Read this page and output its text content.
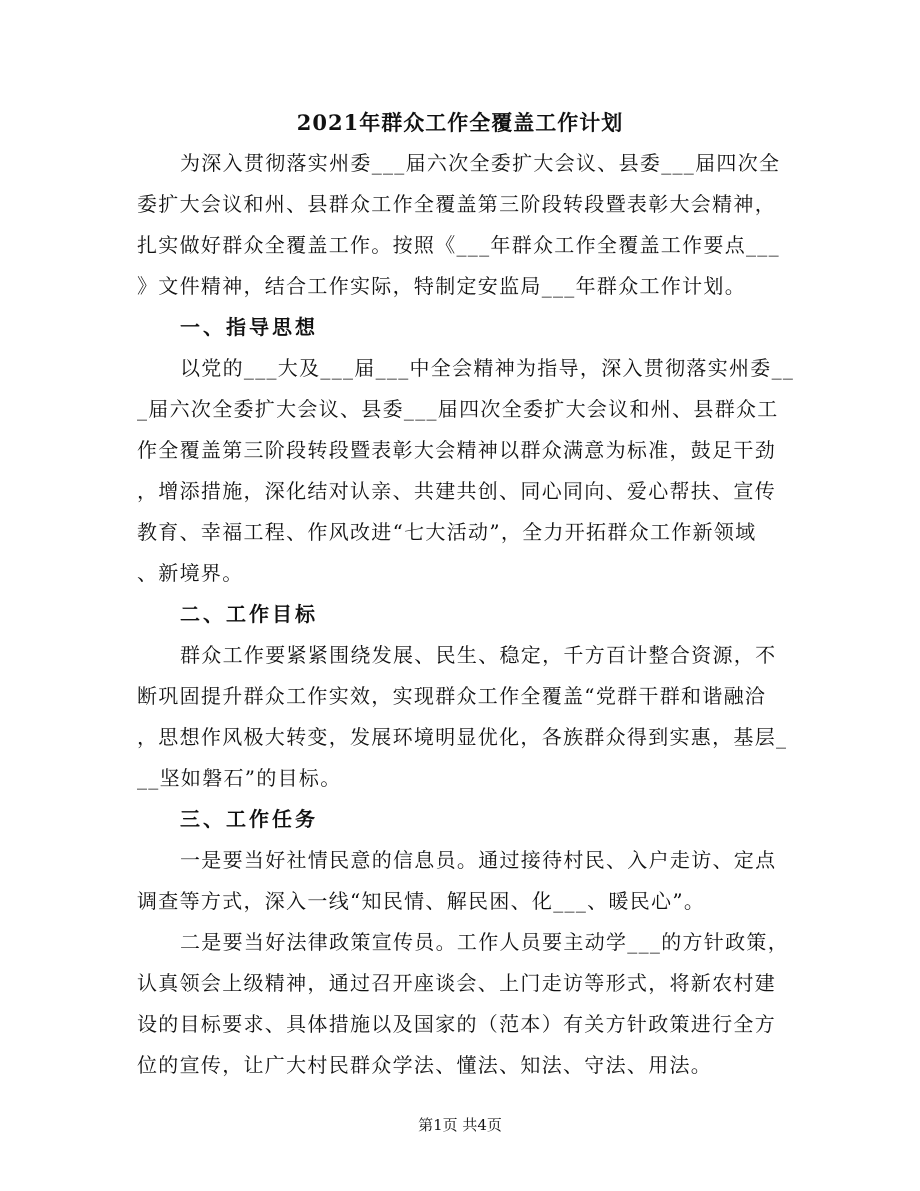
2021年群众工作全覆盖工作计划
为深入贯彻落实州委___届六次全委扩大会议、县委___届四次全
委扩大会议和州、县群众工作全覆盖第三阶段转段暨表彰大会精神，
扎实做好群众全覆盖工作。按照《___年群众工作全覆盖工作要点___
》文件精神，结合工作实际，特制定安监局___年群众工作计划。
一、指导思想
以党的___大及___届___中全会精神为指导，深入贯彻落实州委__
_届六次全委扩大会议、县委___届四次全委扩大会议和州、县群众工
作全覆盖第三阶段转段暨表彰大会精神以群众满意为标准，鼓足干劲
，增添措施，深化结对认亲、共建共创、同心同向、爱心帮扶、宣传
教育、幸福工程、作风改进“七大活动”，全力开拓群众工作新领域
、新境界。
二、工作目标
群众工作要紧紧围绕发展、民生、稳定，千方百计整合资源，不
断巩固提升群众工作实效，实现群众工作全覆盖“党群干群和谐融洽
，思想作风极大转变，发展环境明显优化，各族群众得到实惠，基层_
__坚如磐石”的目标。
三、工作任务
一是要当好社情民意的信息员。通过接待村民、入户走访、定点
调查等方式，深入一线“知民情、解民困、化___、暖民心”。
二是要当好法律政策宣传员。工作人员要主动学___的方针政策，
认真领会上级精神，通过召开座谈会、上门走访等形式，将新农村建
设的目标要求、具体措施以及国家的（范本）有关方针政策进行全方
第1页 共4页
位的宣传，让广大村民群众学法、懂法、知法、守法、用法。
